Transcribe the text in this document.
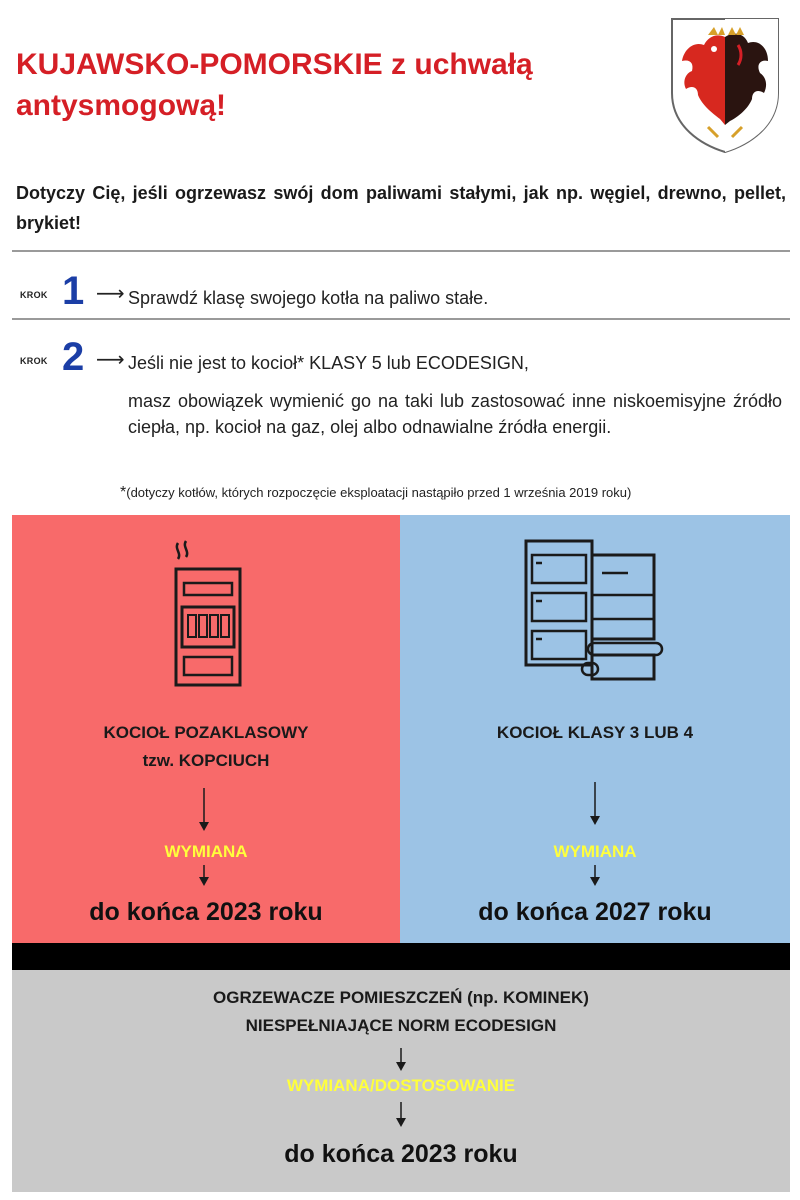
KUJAWSKO-POMORSKIE z uchwałą
antysmogową!
Dotyczy Cię, jeśli ogrzewasz swój dom paliwami stałymi, jak np. węgiel, drewno, pellet, brykiet!
KROK 1 ⟶ Sprawdź klasę swojego kotła na paliwo stałe.
KROK 2 ⟶ Jeśli nie jest to kocioł* KLASY 5 lub ECODESIGN,
masz obowiązek wymienić go na taki lub zastosować inne niskoemisyjne źródło ciepła, np. kocioł na gaz, olej albo odnawialne źródła energii.
*(dotyczy kotłów, których rozpoczęcie eksploatacji nastąpiło przed 1 września 2019 roku)
KOCIOŁ POZAKLASOWY
tzw. KOPCIUCH
WYMIANA
do końca 2023 roku
KOCIOŁ KLASY 3 LUB 4
WYMIANA
do końca 2027 roku
OGRZEWACZE POMIESZCZEŃ (np. KOMINEK)
NIESPEŁNIAJĄCE NORM ECODESIGN
WYMIANA/DOSTOSOWANIE
do końca 2023 roku
